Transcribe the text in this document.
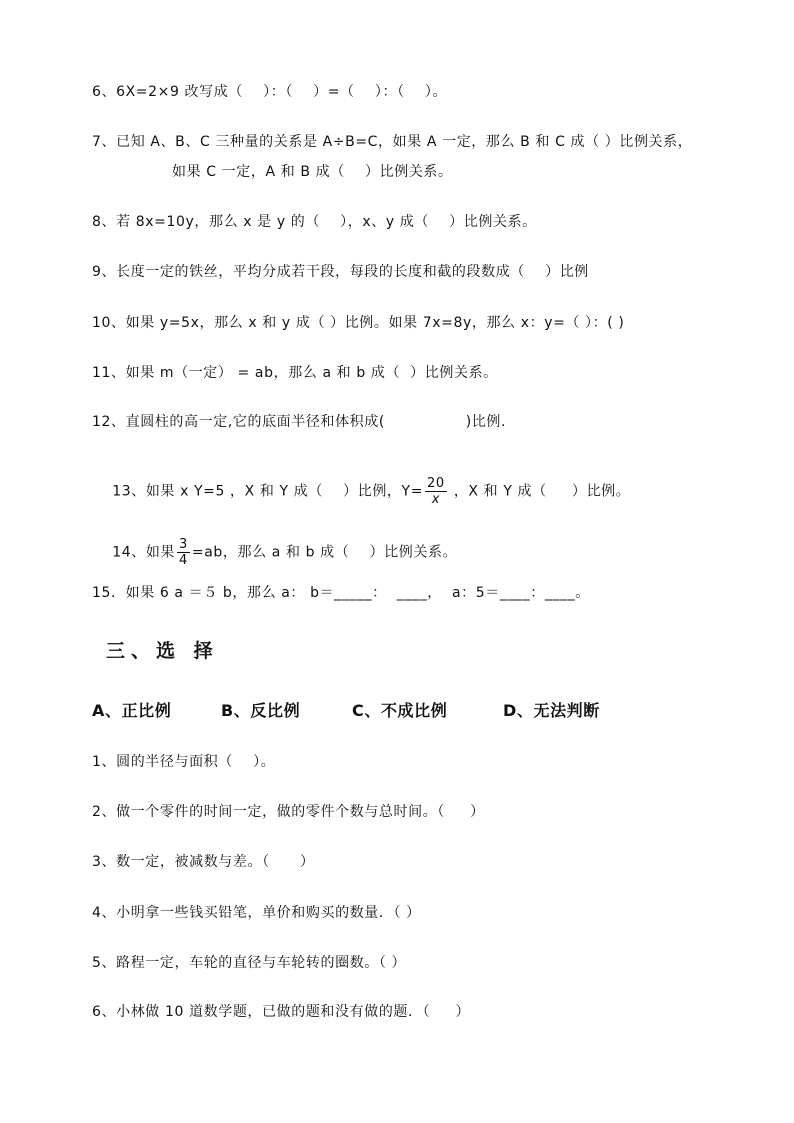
6、6X=2×9 改写成（    ）：（    ）=（    ）：（    ）。
7、已知 A、B、C 三种量的关系是 A÷B=C，如果 A 一定，那么 B 和 C 成（ ）比例关系，
如果 C 一定，A 和 B 成（    ）比例关系。
8、若 8x=10y，那么 x 是 y 的（    ），x、y 成（    ）比例关系。
9、长度一定的铁丝，平均分成若干段，每段的长度和截的段数成（    ）比例
10、如果 y=5x，那么 x 和 y 成（ ）比例。如果 7x=8y，那么 x：y=（ ）：( )
11、如果 m（一定） = ab，那么 a 和 b 成（  ）比例关系。
12、直圆柱的高一定,它的底面半径和体积成(                )比例.

13、如果 x Y=5 ，X 和 Y 成（    ）比例，$Y= \frac{20}{x}$ ，X 和 Y 成（     ）比例。

14、如果 $\frac{3}{4} =ab$，那么 a 和 b 成（    ）比例关系。

15．如果 6 a ＝５ b，那么 a： b＝_____：  ____，  a：5＝____：____。
三、选 择
A、正比例	B、反比例	C、不成比例	D、无法判断
1、圆的半径与面积（    ）。
2、做一个零件的时间一定，做的零件个数与总时间。（     ）
3、数一定，被减数与差。（      ）
4、小明拿一些钱买铅笔，单价和购买的数量．（ ）
5、路程一定，车轮的直径与车轮转的圈数。（ ）
6、小林做 10 道数学题，已做的题和没有做的题．（     ）
